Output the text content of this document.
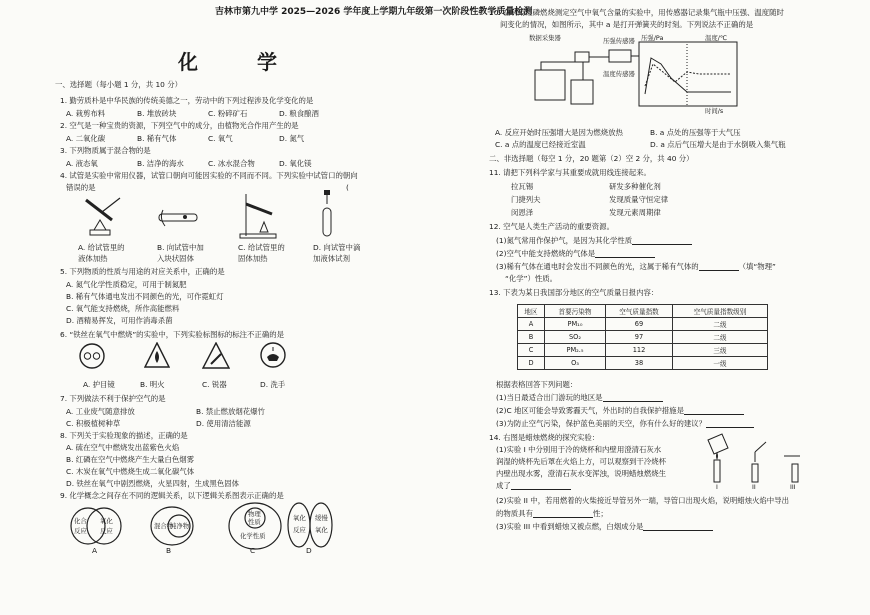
吉林市第九中学 2025—2026 学年度上学期九年级第一次阶段性教学质量检测
化 学
一、选择题（每小题 1 分，共 10 分）
1. 勤劳质朴是中华民族的传统美德之一，劳动中的下列过程涉及化学变化的是
A. 栽剪布料	B. 堆放砖块	C. 粉碎矿石	D. 粮食酿酒
2. 空气是一种宝贵的资源，下列空气中的成分，由植物光合作用产生的是
A. 二氧化碳	B. 稀有气体	C. 氧气	D. 氮气
3. 下列物质属于混合物的是
A. 液态氧	B. 洁净的海水	C. 冰水混合物	D. 氧化镁
4. 试管是实验中常用仪器，试管口朝向可能因实验的不同而不同。下列实验中试管口的朝向
错误的是	(
A. 给试管里的
液体加热
B. 向试管中加
入块状固体
C. 给试管里的
固体加热
D. 向试管中滴
加液体试剂
5. 下列物质的性质与用途的对应关系中，正确的是
A. 氮气化学性质稳定，可用于制氮肥
B. 稀有气体通电发出不同颜色的光，可作霓虹灯
C. 氧气能支持燃烧，所作高能燃料
D. 酒精易挥发，可用作消毒杀菌
6. “铁丝在氧气中燃烧”的实验中，下列实验标图标的标注不正确的是
A. 护目镜	B. 明火	C. 锐器	D. 洗手
7. 下列做法不利于保护空气的是
A. 工业废气随意排放	B. 禁止燃放烟花爆竹
C. 积极植树种草	D. 使用清洁能源
8. 下列关于实验现象的描述，正确的是
A. 硫在空气中燃烧发出蓝紫色火焰
B. 红磷在空气中燃烧产生大量白色烟雾
C. 木炭在氧气中燃烧生成二氧化碳气体
D. 铁丝在氧气中剧烈燃烧，火星四射，生成黑色固体
9. 化学概念之间存在不同的逻辑关系，以下逻辑关系图表示正确的是
化合 氧化
反应 反应
混合物
纯净物
物理
性质
化学性质
氧化
反应
缓慢
氧化
A	B	C	D
10. 在利用红磷燃烧测定空气中氧气含量的实验中，用传感器记录集气瓶中压强、温度随时
间变化的情况，如图所示，其中 a 是打开弹簧夹的时刻。下列说法不正确的是
数据采集器	压强传感器
温度传感器
压强/Pa	温度/℃
时间/s
A. 反应开始时压强增大是因为燃烧放热	B. a 点处的压强等于大气压
C. a 点的温度已经接近室温	D. a 点后气压增大是由于水倒吸入集气瓶
二、非选择题（每空 1 分，20 题第（2）空 2 分，共 40 分）
11. 请把下列科学家与其重要成就用线连接起来。
拉瓦锡
门捷列夫
闵恩泽
研发多种催化剂
发现质量守恒定律
发现元素周期律
12. 空气是人类生产活动的重要资源。
(1)氮气常用作保护气，是因为其化学性质
(2)空气中能支持燃烧的气体是
(3)稀有气体在通电时会发出不同颜色的光，这属于稀有气体的	（填“物理”
“化学”）性质。
13. 下表为某日我国部分地区的空气质量日报内容：
地区	首要污染物	空气质量指数	空气质量指数级别
A	PM₁₀	69	二级
B	SO₂	97	二级
C	PM₂.₅	112	三级
D	O₃	38	一级
根据表格回答下列问题：
(1)当日最适合出门游玩的地区是
(2)C 地区可能会导致雾霾天气，外出时的自我保护措施是
(3)为防止空气污染，保护蓝色美丽的天空，你有什么好的建议？
14. 右图是蜡烛燃烧的探究实验：
(1)实验 I 中分别用于冷的烧杯和内壁用澄清石灰水
润湿的烧杯先后罩在火焰上方，可以观察到干冷烧杯
内壁出现水雾，澄清石灰水变浑浊，说明蜡烛燃烧生
成了	I	II	III
(2)实验 II 中，若用燃着的火柴接近导管另外一端，导管口出现火焰，说明蜡烛火焰中导出
的物质具有	性；
(3)实验 III 中看到蜡烛又被点燃，白烟成分是
